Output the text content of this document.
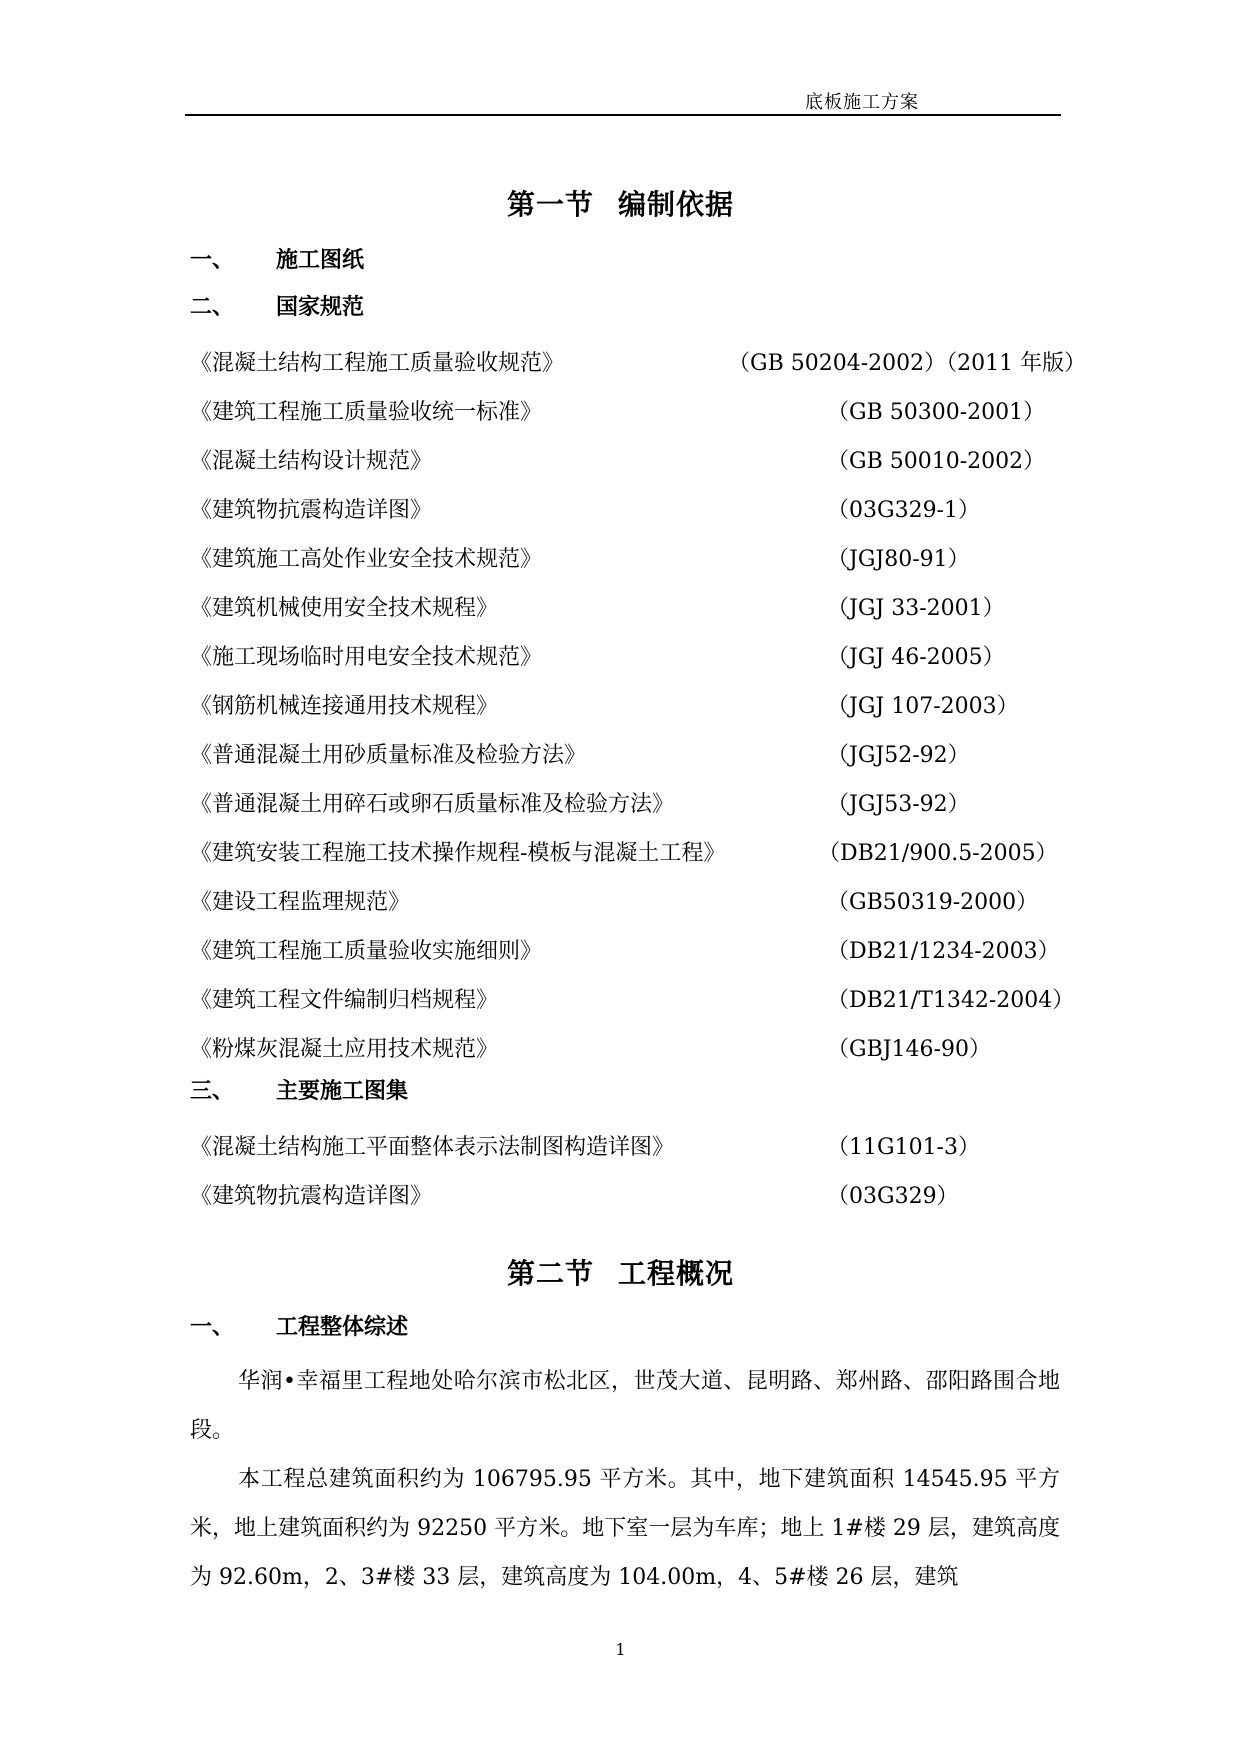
底板施工方案
第一节 编制依据
一、 施工图纸
二、 国家规范
《混凝土结构工程施工质量验收规范》	（GB 50204-2002）（2011 年版）
《建筑工程施工质量验收统一标准》	（GB 50300-2001）
《混凝土结构设计规范》	（GB 50010-2002）
《建筑物抗震构造详图》	（03G329-1）
《建筑施工高处作业安全技术规范》	（JGJ80-91）
《建筑机械使用安全技术规程》	（JGJ 33-2001）
《施工现场临时用电安全技术规范》	（JGJ 46-2005）
《钢筋机械连接通用技术规程》	（JGJ 107-2003）
《普通混凝土用砂质量标准及检验方法》	（JGJ52-92）
《普通混凝土用碎石或卵石质量标准及检验方法》	（JGJ53-92）
《建筑安装工程施工技术操作规程-模板与混凝土工程》	（DB21/900.5-2005）
《建设工程监理规范》	（GB50319-2000）
《建筑工程施工质量验收实施细则》	（DB21/1234-2003）
《建筑工程文件编制归档规程》	（DB21/T1342-2004）
《粉煤灰混凝土应用技术规范》	（GBJ146-90）
三、 主要施工图集
《混凝土结构施工平面整体表示法制图构造详图》	（11G101-3）
《建筑物抗震构造详图》	（03G329）
第二节 工程概况
一、 工程整体综述
华润•幸福里工程地处哈尔滨市松北区，世茂大道、昆明路、郑州路、邵阳路围合地段。
本工程总建筑面积约为 106795.95 平方米。其中，地下建筑面积 14545.95 平方米，地上建筑面积约为 92250 平方米。地下室一层为车库；地上 1#楼 29 层，建筑高度为 92.60m，2、3#楼 33 层，建筑高度为 104.00m，4、5#楼 26 层，建筑
1
